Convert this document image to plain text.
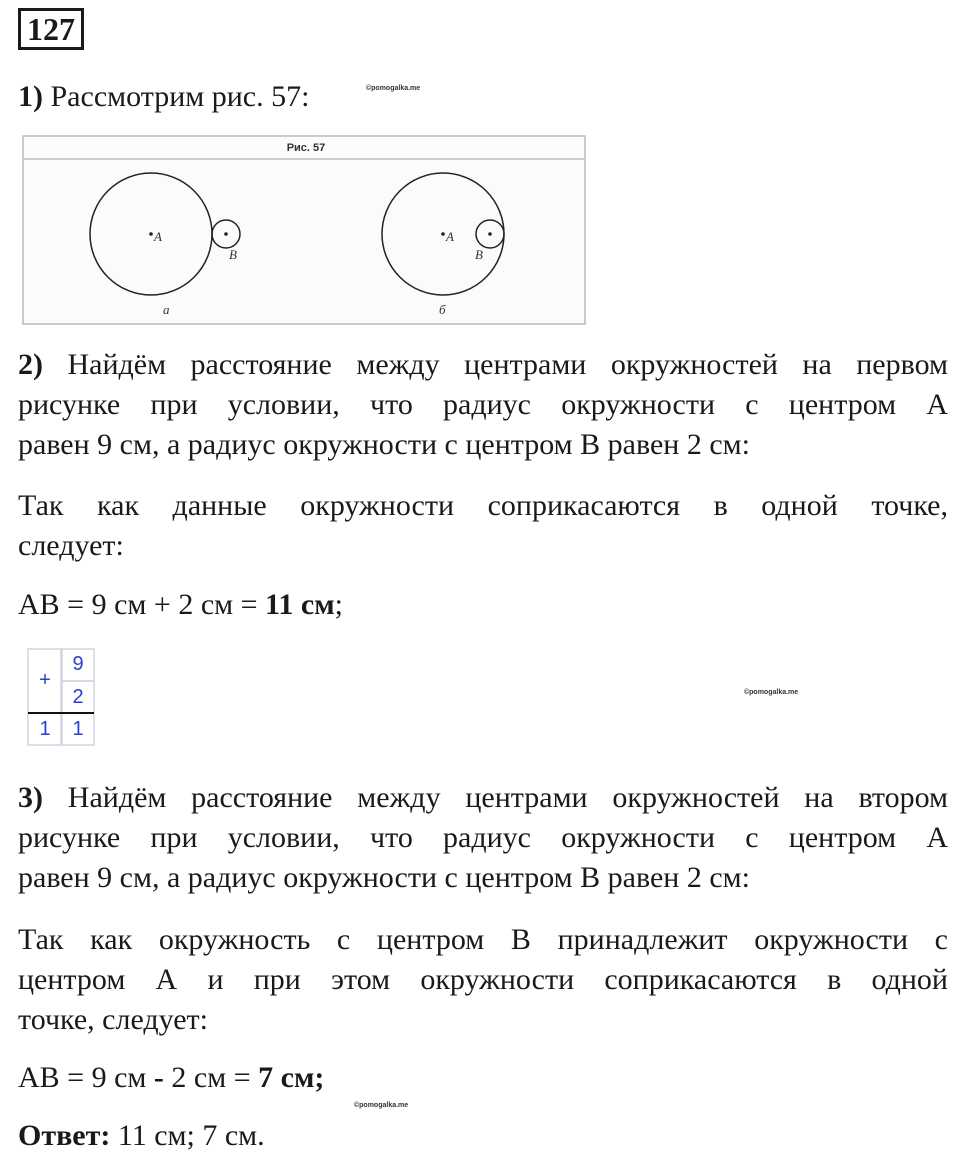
127
1) Рассмотрим рис. 57:	©pomogalka.me
Рис. 57
A
B
а
A
B
б
2) Найдём расстояние между центрами окружностей на первом
рисунке при условии, что радиус окружности с центром А
равен 9 см, а радиус окружности с центром В равен 2 см:
Так как данные окружности соприкасаются в одной точке,
следует:
AB = 9 см + 2 см = 11 см;
+
9
2
1	1
©pomogalka.me
3) Найдём расстояние между центрами окружностей на втором
рисунке при условии, что радиус окружности с центром А
равен 9 см, а радиус окружности с центром В равен 2 см:
Так как окружность с центром В принадлежит окружности с
центром А и при этом окружности соприкасаются в одной
точке, следует:
AB = 9 см - 2 см = 7 см;
©pomogalka.me
Ответ: 11 см; 7 см.
